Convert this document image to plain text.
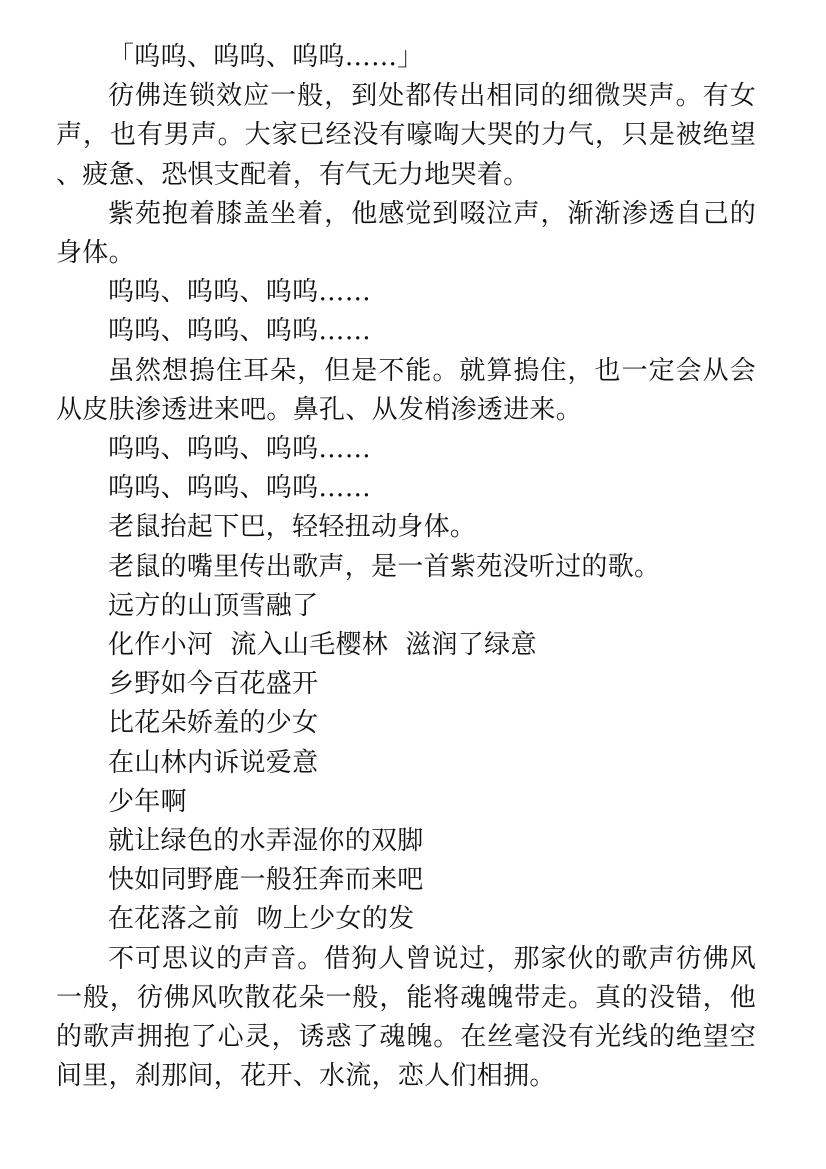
「呜呜、呜呜、呜呜……」

彷佛连锁效应一般，到处都传出相同的细微哭声。有女声，也有男声。大家已经没有嚎啕大哭的力气，只是被绝望、疲惫、恐惧支配着，有气无力地哭着。

紫苑抱着膝盖坐着，他感觉到啜泣声，渐渐渗透自己的身体。

呜呜、呜呜、呜呜……

呜呜、呜呜、呜呜……

虽然想摀住耳朵，但是不能。就算摀住，也一定会从会从皮肤渗透进来吧。鼻孔、从发梢渗透进来。

呜呜、呜呜、呜呜……

呜呜、呜呜、呜呜……

老鼠抬起下巴，轻轻扭动身体。

老鼠的嘴里传出歌声，是一首紫苑没听过的歌。

远方的山顶雪融了

化作小河  流入山毛樱林  滋润了绿意

乡野如今百花盛开

比花朵娇羞的少女

在山林内诉说爱意

少年啊

就让绿色的水弄湿你的双脚

快如同野鹿一般狂奔而来吧

在花落之前  吻上少女的发

不可思议的声音。借狗人曾说过，那家伙的歌声彷佛风一般，彷佛风吹散花朵一般，能将魂魄带走。真的没错，他的歌声拥抱了心灵，诱惑了魂魄。在丝毫没有光线的绝望空间里，刹那间，花开、水流，恋人们相拥。
